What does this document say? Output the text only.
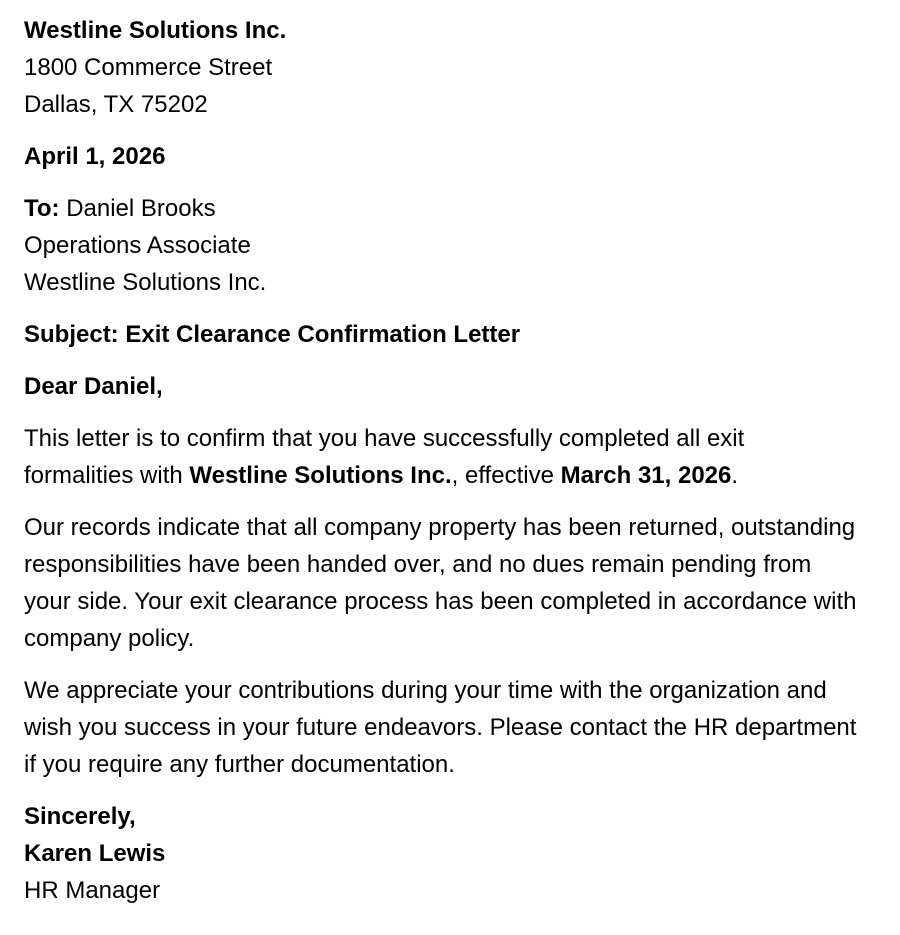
Westline Solutions Inc.
1800 Commerce Street
Dallas, TX 75202
April 1, 2026
To: Daniel Brooks
Operations Associate
Westline Solutions Inc.
Subject: Exit Clearance Confirmation Letter
Dear Daniel,

This letter is to confirm that you have successfully completed all exit formalities with Westline Solutions Inc., effective March 31, 2026.

Our records indicate that all company property has been returned, outstanding responsibilities have been handed over, and no dues remain pending from your side. Your exit clearance process has been completed in accordance with company policy.

We appreciate your contributions during your time with the organization and wish you success in your future endeavors. Please contact the HR department if you require any further documentation.

Sincerely,
Karen Lewis
HR Manager
